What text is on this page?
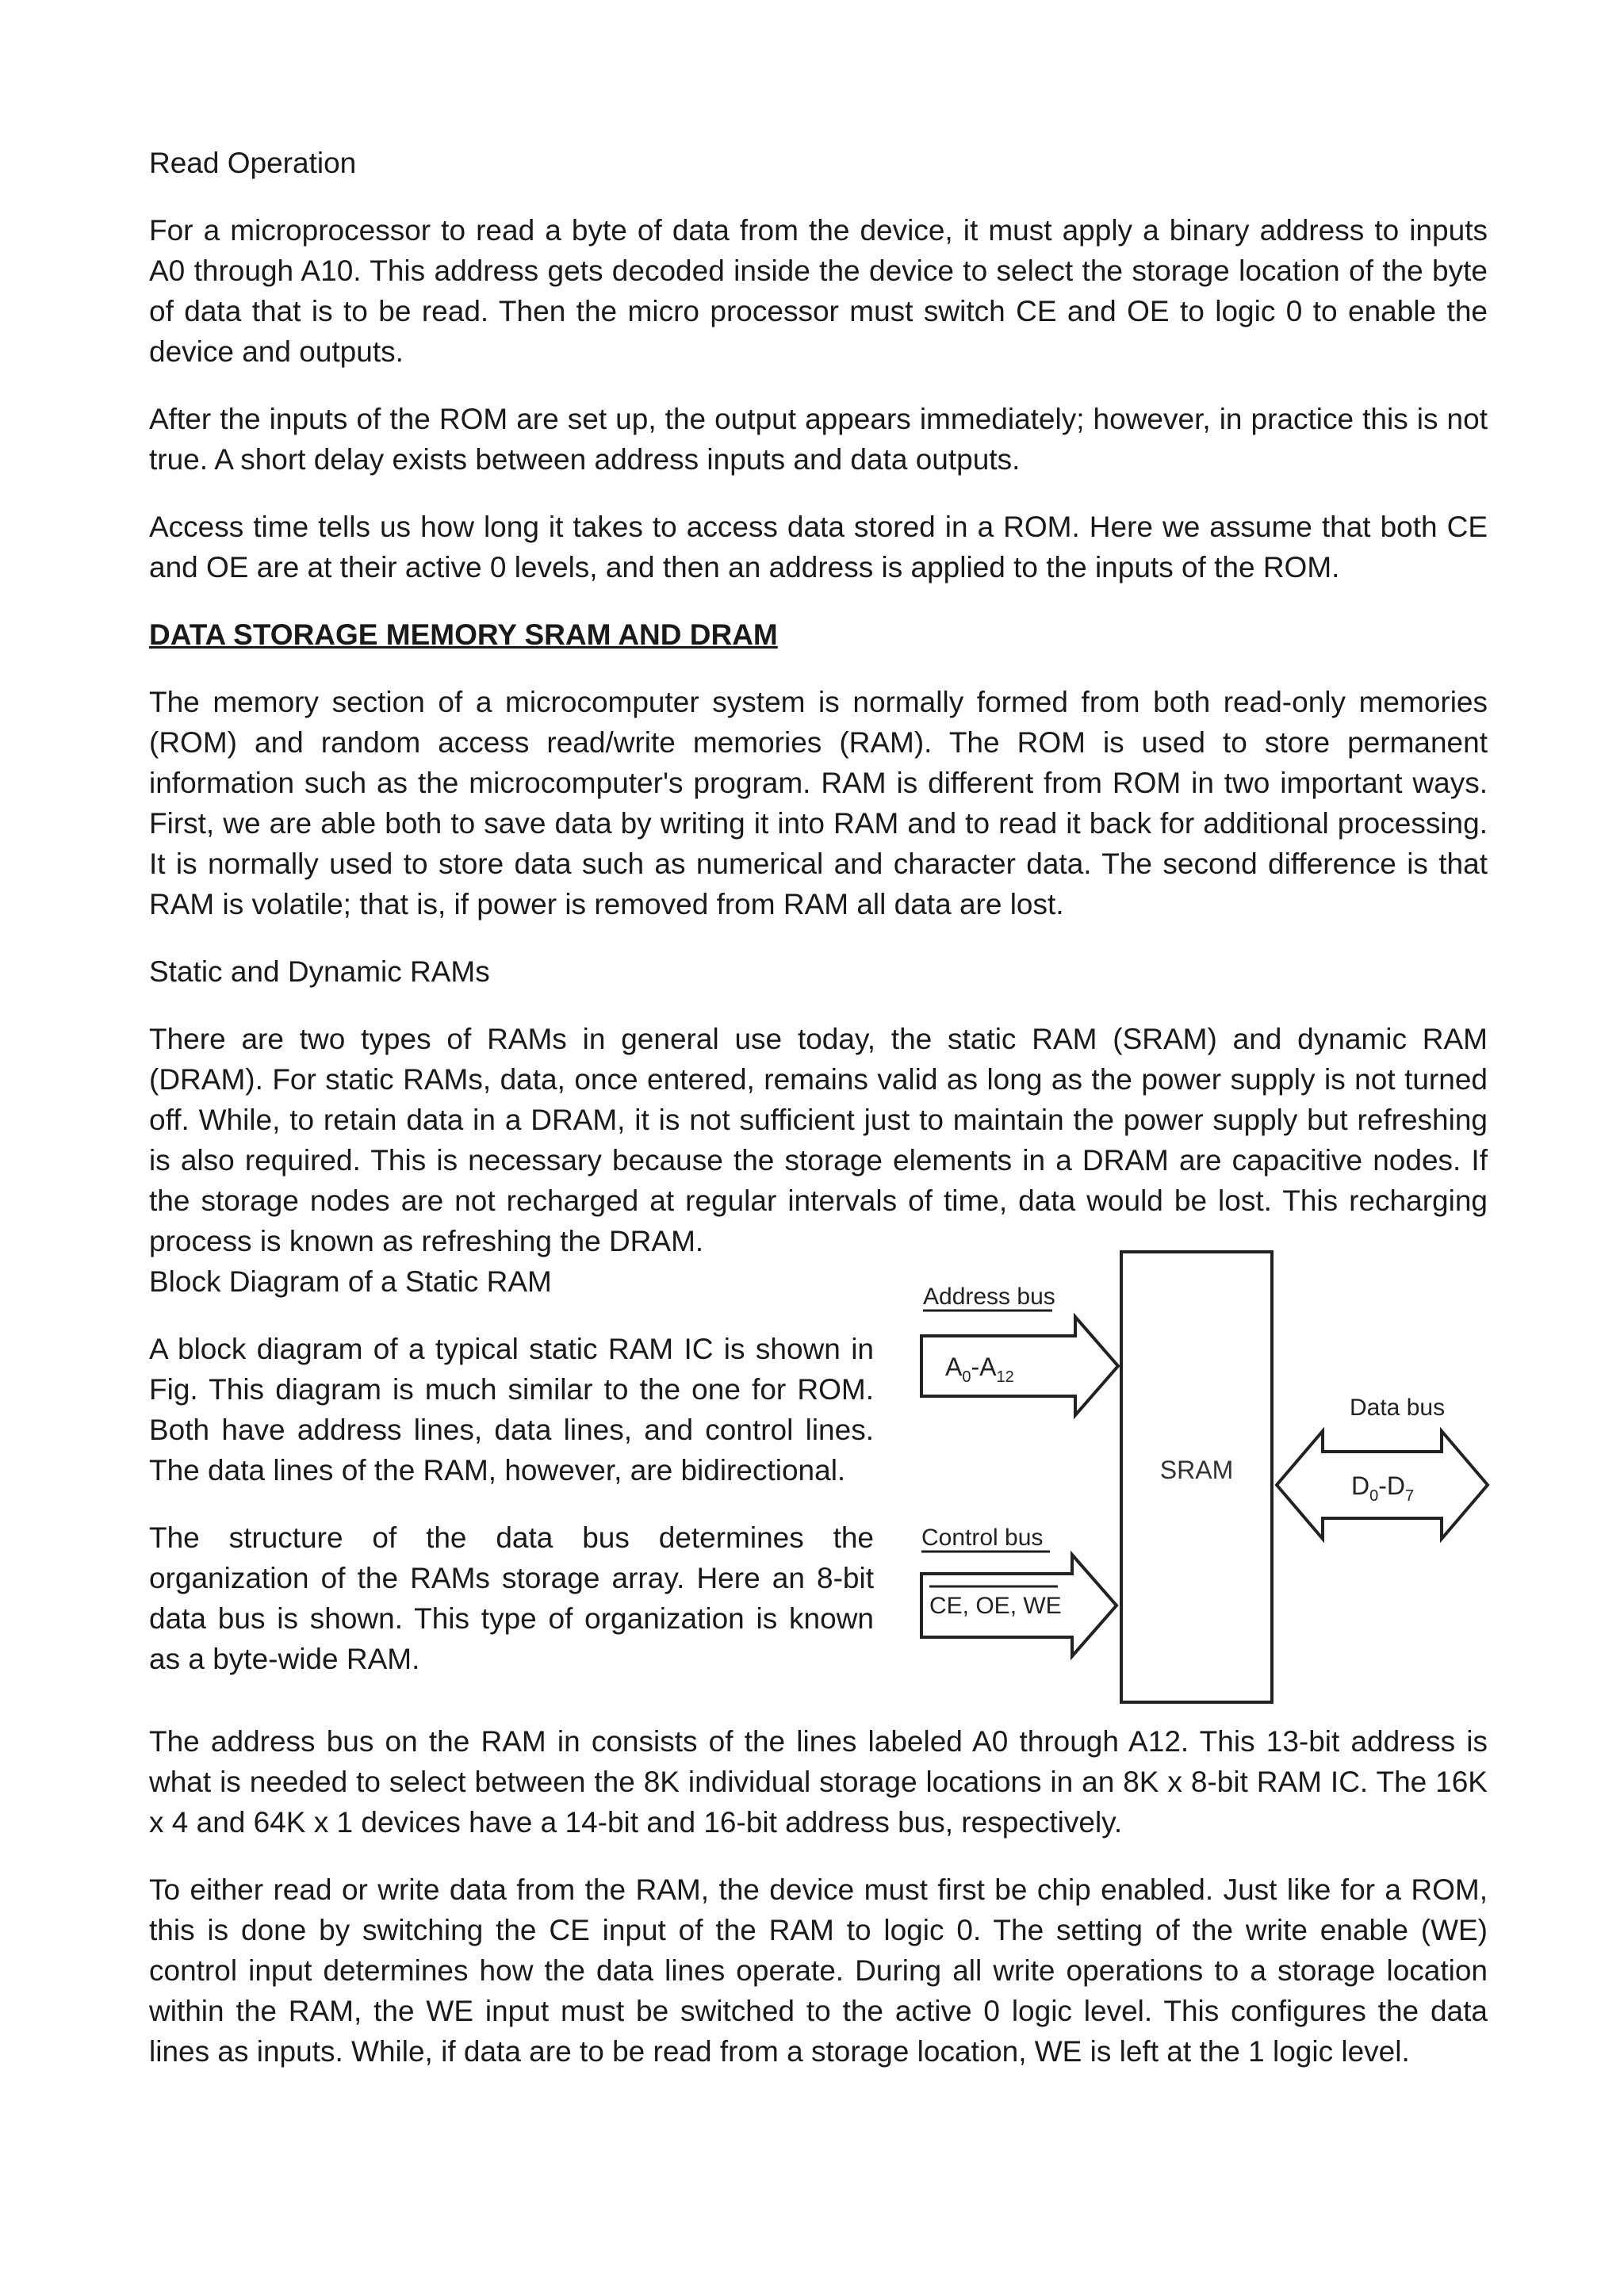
Read Operation

For a microprocessor to read a byte of data from the device, it must apply a binary address to inputs A0 through A10. This address gets decoded inside the device to select the storage location of the byte of data that is to be read. Then the micro processor must switch CE and OE to logic 0 to enable the device and outputs.

After the inputs of the ROM are set up, the output appears immediately; however, in practice this is not true. A short delay exists between address inputs and data outputs.

Access time tells us how long it takes to access data stored in a ROM. Here we assume that both CE and OE are at their active 0 levels, and then an address is applied to the inputs of the ROM.

DATA STORAGE MEMORY SRAM AND DRAM

The memory section of a microcomputer system is normally formed from both read-only memories (ROM) and random access read/write memories (RAM). The ROM is used to store permanent information such as the microcomputer's program. RAM is different from ROM in two important ways. First, we are able both to save data by writing it into RAM and to read it back for additional processing. It is normally used to store data such as numerical and character data. The second difference is that RAM is volatile; that is, if power is removed from RAM all data are lost.

Static and Dynamic RAMs

There are two types of RAMs in general use today, the static RAM (SRAM) and dynamic RAM (DRAM). For static RAMs, data, once entered, remains valid as long as the power supply is not turned off. While, to retain data in a DRAM, it is not sufficient just to maintain the power supply but refreshing is also required. This is necessary because the storage elements in a DRAM are capacitive nodes. If the storage nodes are not recharged at regular intervals of time, data would be lost. This recharging process is known as refreshing the DRAM.

SRAM
Address bus
$A_0-A_{12}$
Data bus
$D_0-D_7$
Control bus
CE, OE, WE

Block Diagram of a Static RAM

A block diagram of a typical static RAM IC is shown in Fig. This diagram is much similar to the one for ROM. Both have address lines, data lines, and control lines. The data lines of the RAM, however, are bidirectional.

The structure of the data bus determines the organization of the RAMs storage array. Here an 8-bit data bus is shown. This type of organization is known as a byte-wide RAM.

The address bus on the RAM in consists of the lines labeled A0 through A12. This 13-bit address is what is needed to select between the 8K individual storage locations in an 8K x 8-bit RAM IC. The 16K x 4 and 64K x 1 devices have a 14-bit and 16-bit address bus, respectively.

To either read or write data from the RAM, the device must first be chip enabled. Just like for a ROM, this is done by switching the CE input of the RAM to logic 0. The setting of the write enable (WE) control input determines how the data lines operate. During all write operations to a storage location within the RAM, the WE input must be switched to the active 0 logic level. This configures the data lines as inputs. While, if data are to be read from a storage location, WE is left at the 1 logic level.
